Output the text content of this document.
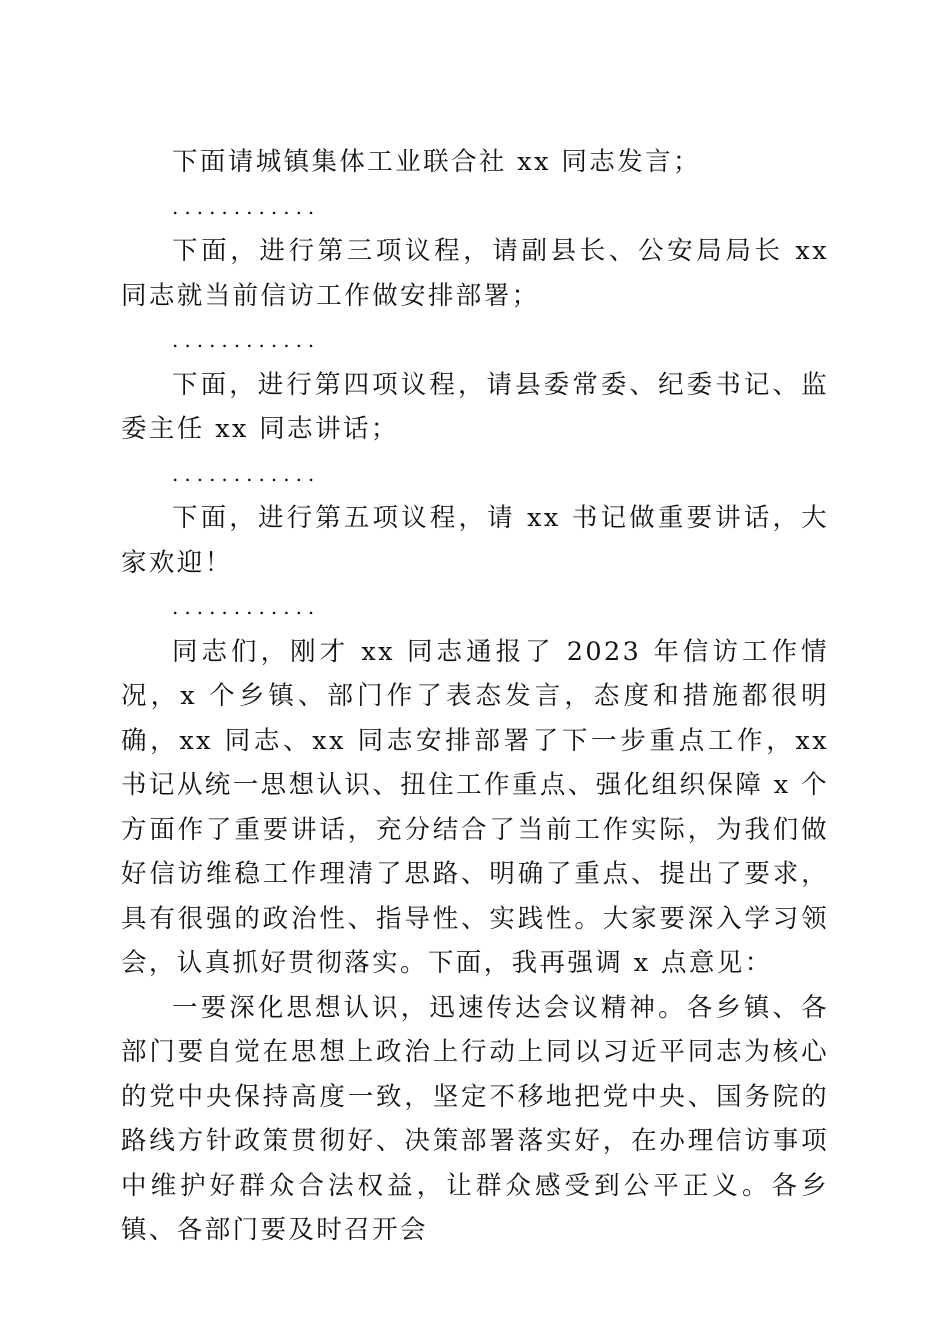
下面请城镇集体工业联合社 xx 同志发言；

............

下面，进行第三项议程，请副县长、公安局局长 xx 同志就当前信访工作做安排部署；

............

下面，进行第四项议程，请县委常委、纪委书记、监委主任 xx 同志讲话；

............

下面，进行第五项议程，请 xx 书记做重要讲话，大家欢迎！

............

同志们，刚才 xx 同志通报了 2023 年信访工作情况，x 个乡镇、部门作了表态发言，态度和措施都很明确，xx 同志、xx 同志安排部署了下一步重点工作，xx 书记从统一思想认识、扭住工作重点、强化组织保障 x 个方面作了重要讲话，充分结合了当前工作实际，为我们做好信访维稳工作理清了思路、明确了重点、提出了要求，具有很强的政治性、指导性、实践性。大家要深入学习领会，认真抓好贯彻落实。下面，我再强调 x 点意见：

一要深化思想认识，迅速传达会议精神。各乡镇、各部门要自觉在思想上政治上行动上同以习近平同志为核心的党中央保持高度一致，坚定不移地把党中央、国务院的路线方针政策贯彻好、决策部署落实好，在办理信访事项中维护好群众合法权益，让群众感受到公平正义。各乡镇、各部门要及时召开会
